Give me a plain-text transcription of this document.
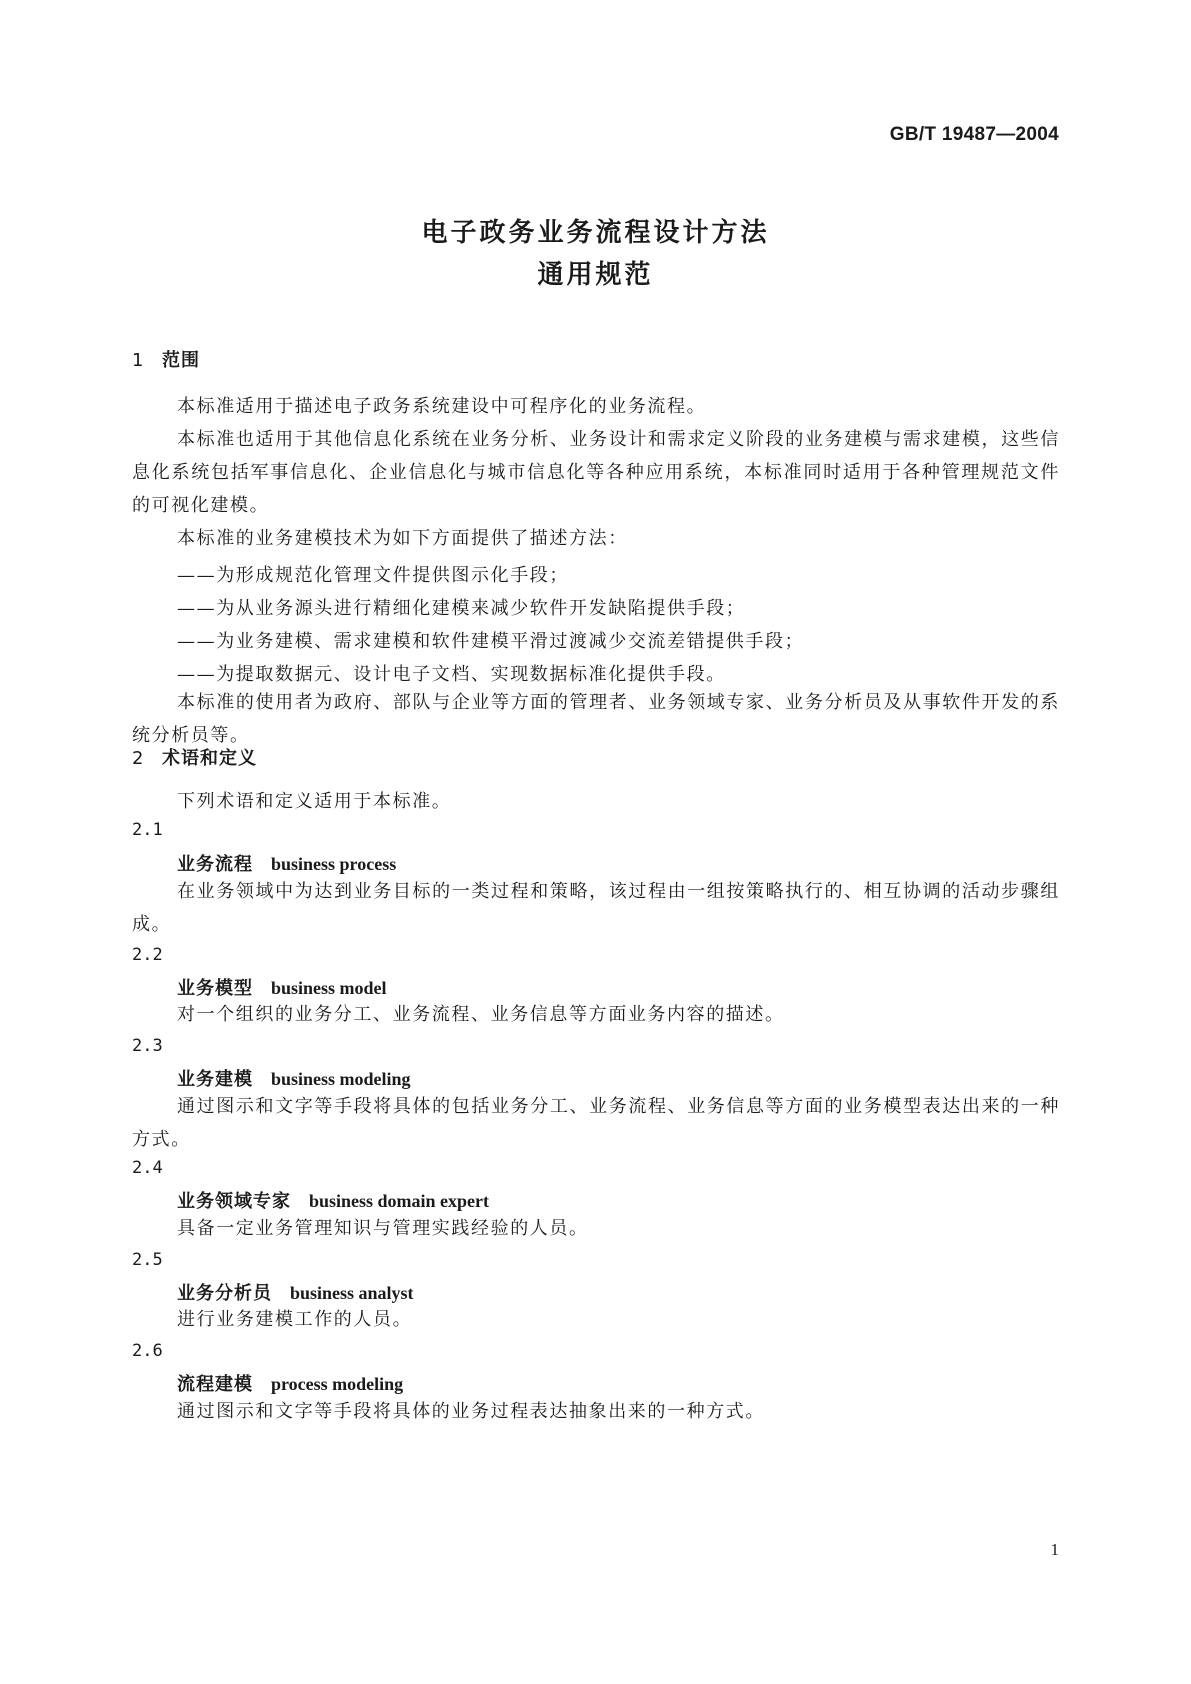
GB/T 19487—2004
电子政务业务流程设计方法
通用规范
1 范围
本标准适用于描述电子政务系统建设中可程序化的业务流程。
本标准也适用于其他信息化系统在业务分析、业务设计和需求定义阶段的业务建模与需求建模，这些信息化系统包括军事信息化、企业信息化与城市信息化等各种应用系统，本标准同时适用于各种管理规范文件的可视化建模。
本标准的业务建模技术为如下方面提供了描述方法：
——为形成规范化管理文件提供图示化手段；
——为从业务源头进行精细化建模来减少软件开发缺陷提供手段；
——为业务建模、需求建模和软件建模平滑过渡减少交流差错提供手段；
——为提取数据元、设计电子文档、实现数据标准化提供手段。
本标准的使用者为政府、部队与企业等方面的管理者、业务领域专家、业务分析员及从事软件开发的系统分析员等。
2 术语和定义
下列术语和定义适用于本标准。
2.1
业务流程 business process
在业务领域中为达到业务目标的一类过程和策略，该过程由一组按策略执行的、相互协调的活动步骤组成。
2.2
业务模型 business model
对一个组织的业务分工、业务流程、业务信息等方面业务内容的描述。
2.3
业务建模 business modeling
通过图示和文字等手段将具体的包括业务分工、业务流程、业务信息等方面的业务模型表达出来的一种方式。
2.4
业务领域专家 business domain expert
具备一定业务管理知识与管理实践经验的人员。
2.5
业务分析员 business analyst
进行业务建模工作的人员。
2.6
流程建模 process modeling
通过图示和文字等手段将具体的业务过程表达抽象出来的一种方式。
1
